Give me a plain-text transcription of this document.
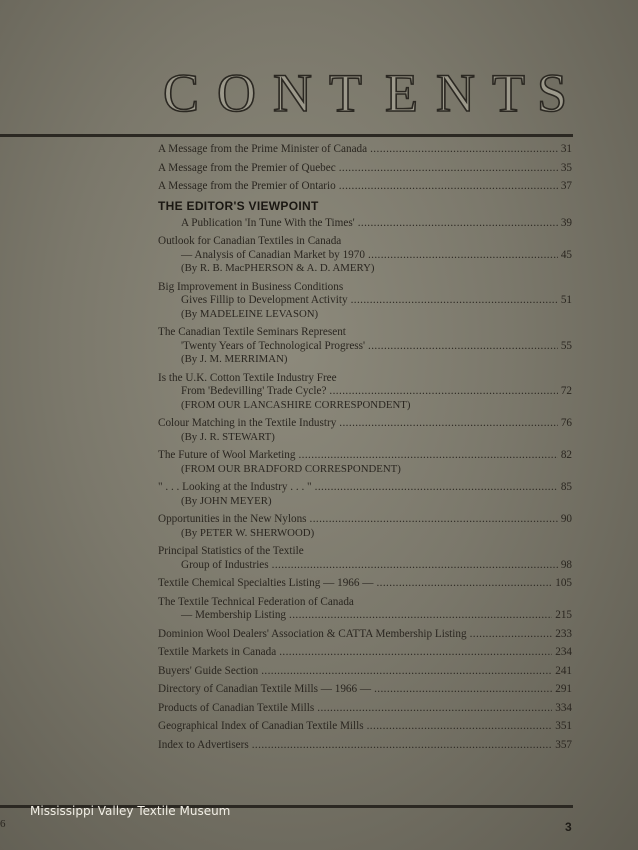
C O N T E N T S
A Message from the Prime Minister of Canada . . .	31
A Message from the Premier of Quebec . . .	35
A Message from the Premier of Ontario . . .	37
THE EDITOR'S VIEWPOINT
A Publication 'In Tune With the Times' . . .	39
Outlook for Canadian Textiles in Canada
— Analysis of Canadian Market by 1970 . . .	45
(By R. B. MacPHERSON & A. D. AMERY)
Big Improvement in Business Conditions
Gives Fillip to Development Activity . . .	51
(By MADELEINE LEVASON)
The Canadian Textile Seminars Represent
'Twenty Years of Technological Progress' . . .	55
(By J. M. MERRIMAN)
Is the U.K. Cotton Textile Industry Free
From 'Bedevilling' Trade Cycle? . . .	72
(FROM OUR LANCASHIRE CORRESPONDENT)
Colour Matching in the Textile Industry . . .	76
(By J. R. STEWART)
The Future of Wool Marketing . . .	82
(FROM OUR BRADFORD CORRESPONDENT)
" . . . Looking at the Industry . . . " . . .	85
(By JOHN MEYER)
Opportunities in the New Nylons . . .	90
(By PETER W. SHERWOOD)
Principal Statistics of the Textile
Group of Industries . . .	98
Textile Chemical Specialties Listing — 1966 — . . .	105
The Textile Technical Federation of Canada
— Membership Listing . . .	215
Dominion Wool Dealers' Association & CATTA Membership Listing . . .	233
Textile Markets in Canada . . .	234
Buyers' Guide Section . . .	241
Directory of Canadian Textile Mills — 1966 — . . .	291
Products of Canadian Textile Mills . . .	334
Geographical Index of Canadian Textile Mills . . .	351
Index to Advertisers . . .	357
Mississippi Valley Textile Museum
6	3
